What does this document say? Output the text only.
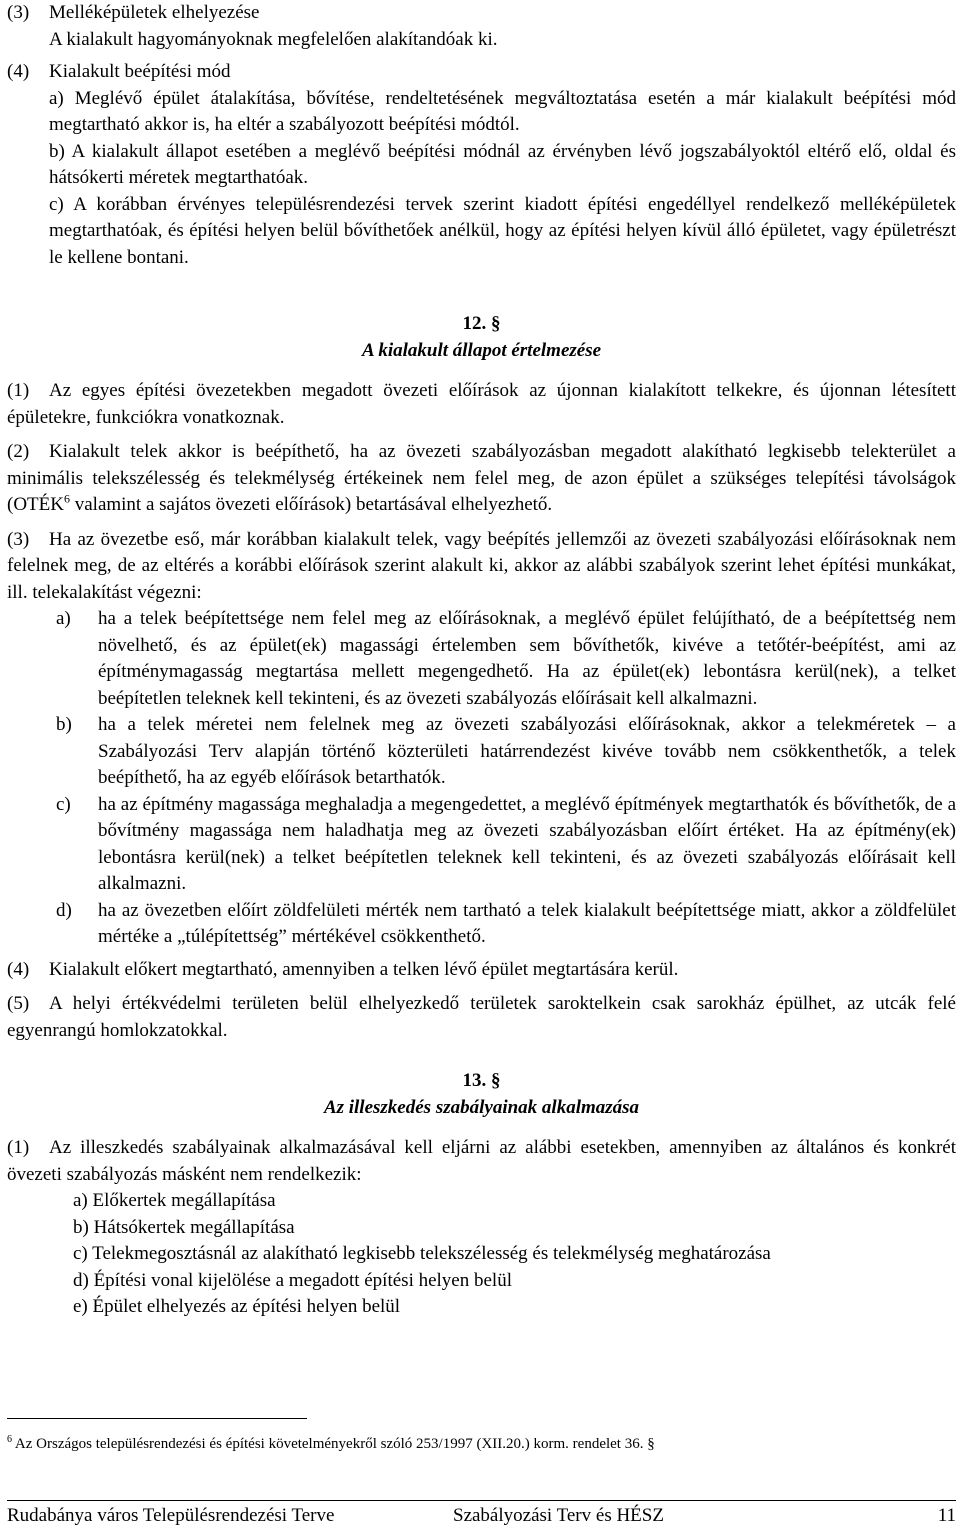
(3) Melléképületek elhelyezése

A kialakult hagyományoknak megfelelően alakítandóak ki.

(4) Kialakult beépítési mód

a) Meglévő épület átalakítása, bővítése, rendeltetésének megváltoztatása esetén a már kialakult beépítési mód megtartható akkor is, ha eltér a szabályozott beépítési módtól.

b) A kialakult állapot esetében a meglévő beépítési módnál az érvényben lévő jogszabályoktól eltérő elő, oldal és hátsókerti méretek megtarthatóak.

c) A korábban érvényes településrendezési tervek szerint kiadott építési engedéllyel rendelkező melléképületek megtarthatóak, és építési helyen belül bővíthetőek anélkül, hogy az építési helyen kívül álló épületet, vagy épületrészt le kellene bontani.

12. §

A kialakult állapot értelmezése

(1) Az egyes építési övezetekben megadott övezeti előírások az újonnan kialakított telkekre, és újonnan létesített épületekre, funkciókra vonatkoznak.

(2) Kialakult telek akkor is beépíthető, ha az övezeti szabályozásban megadott alakítható legkisebb telekterület a minimális telekszélesség és telekmélység értékeinek nem felel meg, de azon épület a szükséges telepítési távolságok (OTÉK$^6$ valamint a sajátos övezeti előírások) betartásával elhelyezhető.

(3) Ha az övezetbe eső, már korábban kialakult telek, vagy beépítés jellemzői az övezeti szabályozási előírásoknak nem felelnek meg, de az eltérés a korábbi előírások szerint alakult ki, akkor az alábbi szabályok szerint lehet építési munkákat, ill. telekalakítást végezni:

a) ha a telek beépítettsége nem felel meg az előírásoknak, a meglévő épület felújítható, de a beépítettség nem növelhető, és az épület(ek) magassági értelemben sem bővíthetők, kivéve a tetőtér-beépítést, ami az építménymagasság megtartása mellett megengedhető. Ha az épület(ek) lebontásra kerül(nek), a telket beépítetlen teleknek kell tekinteni, és az övezeti szabályozás előírásait kell alkalmazni.
b) ha a telek méretei nem felelnek meg az övezeti szabályozási előírásoknak, akkor a telekméretek – a Szabályozási Terv alapján történő közterületi határrendezést kivéve tovább nem csökkenthetők, a telek beépíthető, ha az egyéb előírások betarthatók.
c) ha az építmény magassága meghaladja a megengedettet, a meglévő építmények megtarthatók és bővíthetők, de a bővítmény magassága nem haladhatja meg az övezeti szabályozásban előírt értéket. Ha az építmény(ek) lebontásra kerül(nek) a telket beépítetlen teleknek kell tekinteni, és az övezeti szabályozás előírásait kell alkalmazni.
d) ha az övezetben előírt zöldfelületi mérték nem tartható a telek kialakult beépítettsége miatt, akkor a zöldfelület mértéke a „túlépítettség” mértékével csökkenthető.

(4) Kialakult előkert megtartható, amennyiben a telken lévő épület megtartására kerül.

(5) A helyi értékvédelmi területen belül elhelyezkedő területek saroktelkein csak sarokház épülhet, az utcák felé egyenrangú homlokzatokkal.

13. §

Az illeszkedés szabályainak alkalmazása

(1) Az illeszkedés szabályainak alkalmazásával kell eljárni az alábbi esetekben, amennyiben az általános és konkrét övezeti szabályozás másként nem rendelkezik:

a) Előkertek megállapítása

b) Hátsókertek megállapítása

c) Telekmegosztásnál az alakítható legkisebb telekszélesség és telekmélység meghatározása

d) Építési vonal kijelölése a megadott építési helyen belül

e) Épület elhelyezés az építési helyen belül

$^6$ Az Országos településrendezési és építési követelményekről szóló 253/1997 (XII.20.) korm. rendelet 36. §

Rudabánya város Településrendezési Terve	Szabályozási Terv és HÉSZ	11
